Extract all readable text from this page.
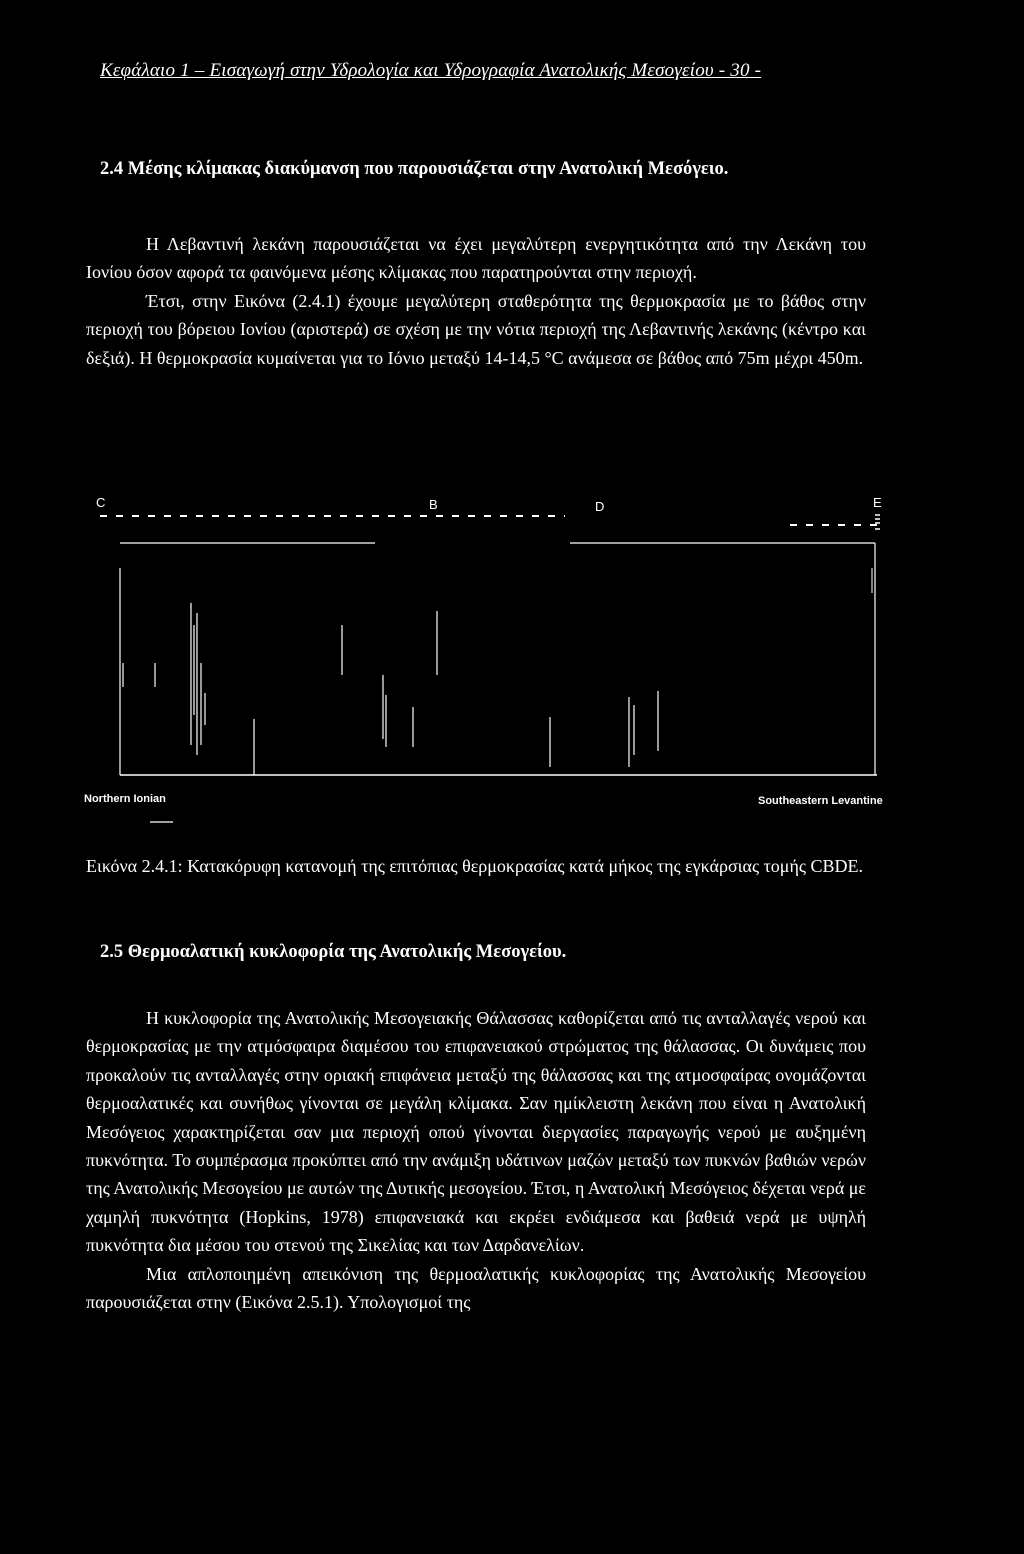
Κεφάλαιο 1 – Εισαγωγή στην Υδρολογία και Υδρογραφία Ανατολικής Μεσογείου - 30 -
2.4 Μέσης κλίμακας διακύμανση που παρουσιάζεται στην Ανατολική Μεσόγειο.

Η Λεβαντινή λεκάνη παρουσιάζεται να έχει μεγαλύτερη ενεργητικότητα από την Λεκάνη του Ιονίου όσον αφορά τα φαινόμενα μέσης κλίμακας που παρατηρούνται στην περιοχή.

Έτσι, στην Εικόνα (2.4.1) έχουμε μεγαλύτερη σταθερότητα της θερμοκρασία με το βάθος στην περιοχή του βόρειου Ιονίου (αριστερά) σε σχέση με την νότια περιοχή της Λεβαντινής λεκάνης (κέντρο και δεξιά). Η θερμοκρασία κυμαίνεται για το Ιόνιο μεταξύ 14-14,5 °C ανάμεσα σε βάθος από 75m μέχρι 450m.

C	B	D	E
Northern Ionian	Southeastern Levantine
Εικόνα 2.4.1: Κατακόρυφη κατανομή της επιτόπιας θερμοκρασίας κατά μήκος της εγκάρσιας τομής CBDE.
2.5 Θερμοαλατική κυκλοφορία της Ανατολικής Μεσογείου.

Η κυκλοφορία της Ανατολικής Μεσογειακής Θάλασσας καθορίζεται από τις ανταλλαγές νερού και θερμοκρασίας με την ατμόσφαιρα διαμέσου του επιφανειακού στρώματος της θάλασσας. Οι δυνάμεις που προκαλούν τις ανταλλαγές στην οριακή επιφάνεια μεταξύ της θάλασσας και της ατμοσφαίρας ονομάζονται θερμοαλατικές και συνήθως γίνονται σε μεγάλη κλίμακα. Σαν ημίκλειστη λεκάνη που είναι η Ανατολική Μεσόγειος χαρακτηρίζεται σαν μια περιοχή οπού γίνονται διεργασίες παραγωγής νερού με αυξημένη πυκνότητα. Το συμπέρασμα προκύπτει από την ανάμιξη υδάτινων μαζών μεταξύ των πυκνών βαθιών νερών της Ανατολικής Μεσογείου με αυτών της Δυτικής μεσογείου. Έτσι, η Ανατολική Μεσόγειος δέχεται νερά με χαμηλή πυκνότητα (Hopkins, 1978) επιφανειακά και εκρέει ενδιάμεσα και βαθειά νερά με υψηλή πυκνότητα δια μέσου του στενού της Σικελίας και των Δαρδανελίων.

Μια απλοποιημένη απεικόνιση της θερμοαλατικής κυκλοφορίας της Ανατολικής Μεσογείου παρουσιάζεται στην (Εικόνα 2.5.1). Υπολογισμοί της
